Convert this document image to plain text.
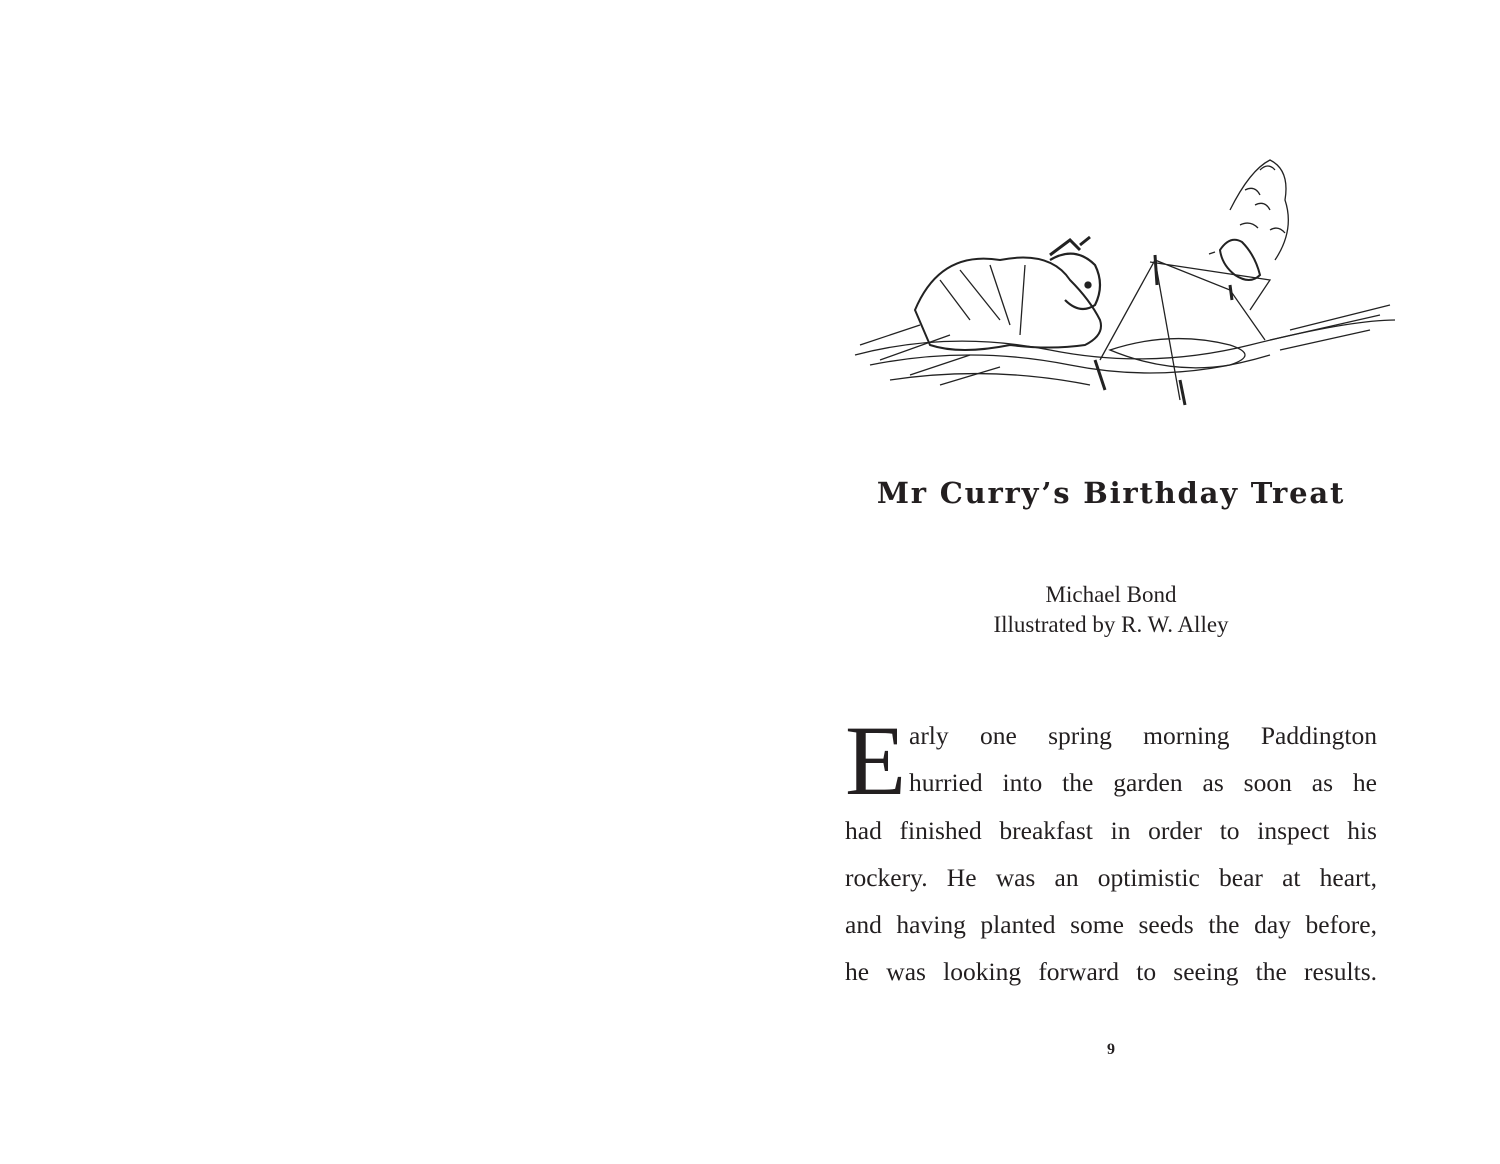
Mr Curry’s Birthday Treat
Michael Bond
Illustrated by R. W. Alley
E arly one spring morning Paddington
hurried into the garden as soon as he
had finished breakfast in order to inspect his
rockery. He was an optimistic bear at heart,
and having planted some seeds the day before,
he was looking forward to seeing the results.
9
